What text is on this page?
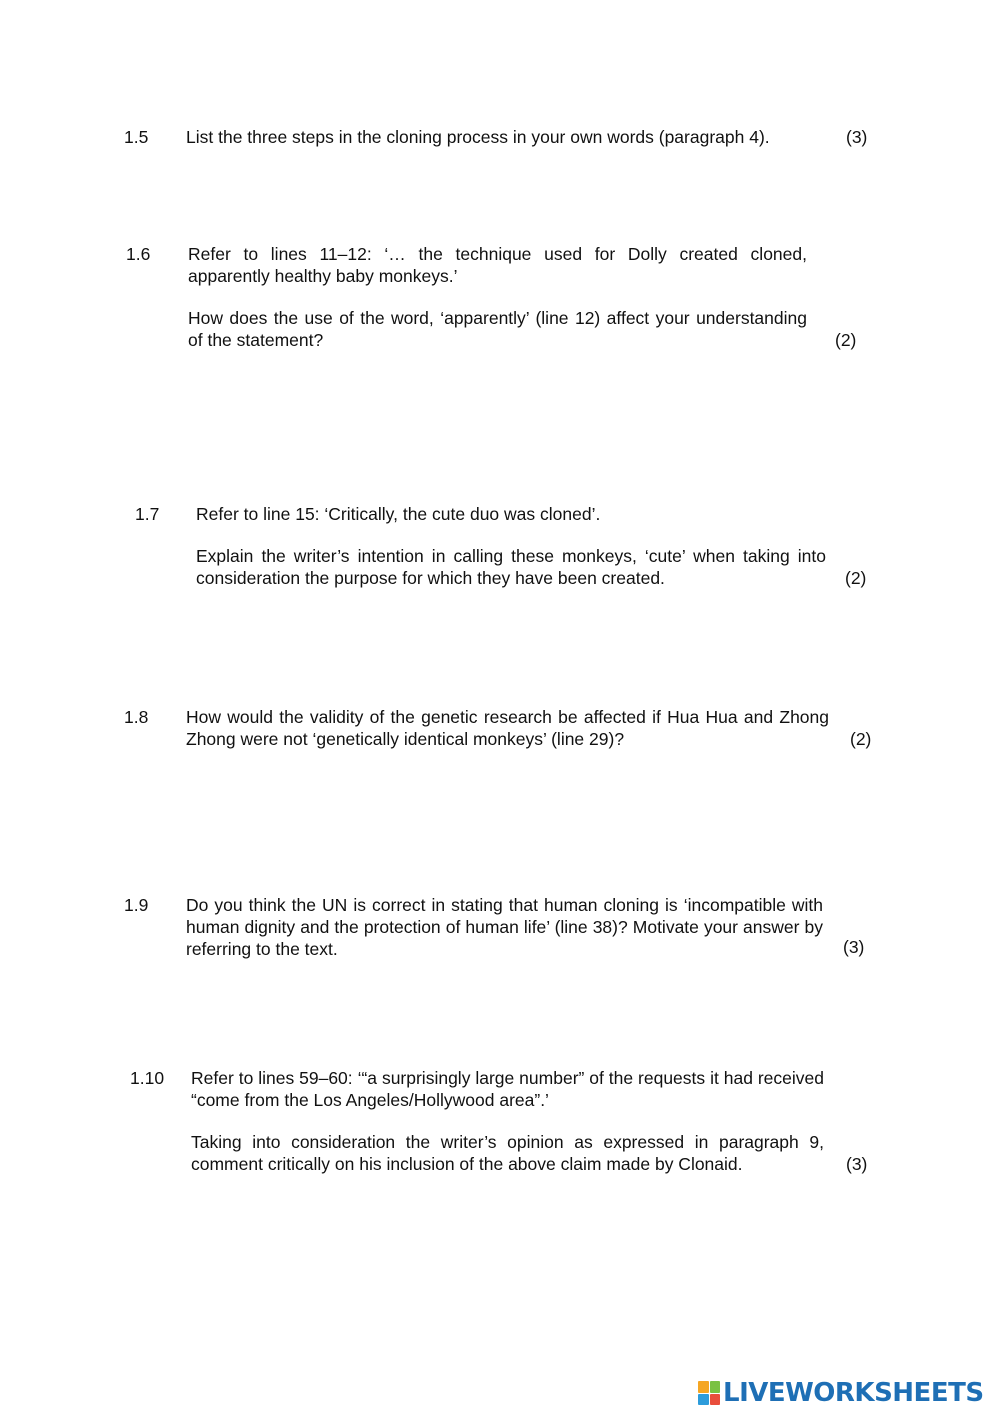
1.5 List the three steps in the cloning process in your own words (paragraph 4).	(3)
1.6 Refer to lines 11–12: ‘… the technique used for Dolly created cloned, apparently healthy baby monkeys.’

How does the use of the word, ‘apparently’ (line 12) affect your understanding of the statement?	(2)
1.7 Refer to line 15: ‘Critically, the cute duo was cloned’.

Explain the writer’s intention in calling these monkeys, ‘cute’ when taking into consideration the purpose for which they have been created.	(2)
1.8 How would the validity of the genetic research be affected if Hua Hua and Zhong Zhong were not ‘genetically identical monkeys’ (line 29)?	(2)
1.9 Do you think the UN is correct in stating that human cloning is ‘incompatible with human dignity and the protection of human life’ (line 38)? Motivate your answer by referring to the text.	(3)
1.10 Refer to lines 59–60: ‘“a surprisingly large number” of the requests it had received “come from the Los Angeles/Hollywood area”.’

Taking into consideration the writer’s opinion as expressed in paragraph 9, comment critically on his inclusion of the above claim made by Clonaid.	(3)
LIVEWORKSHEETS
